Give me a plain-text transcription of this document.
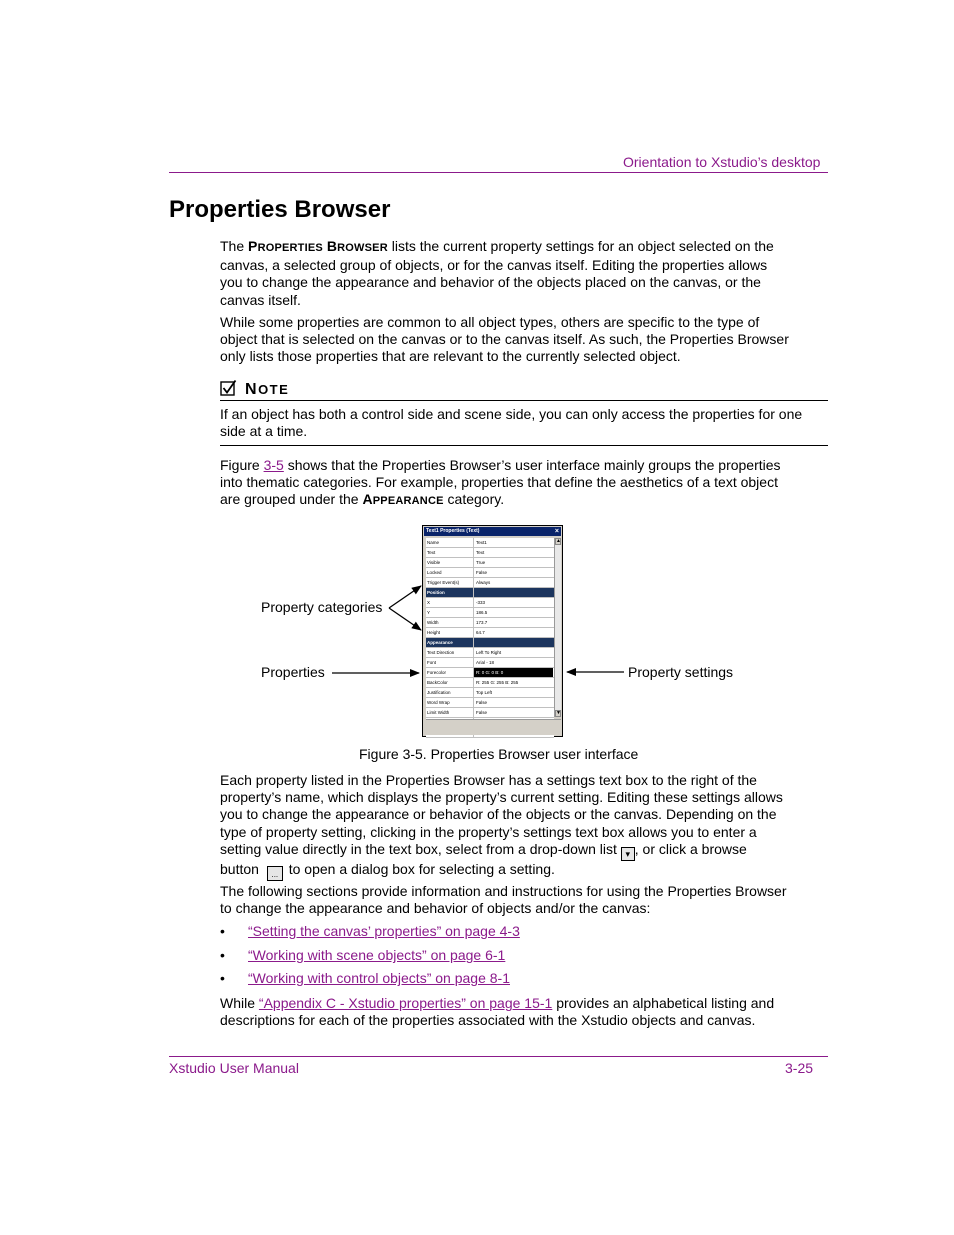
Orientation to Xstudio’s desktop
Properties Browser
The PROPERTIES BROWSER lists the current property settings for an object selected on the
canvas, a selected group of objects, or for the canvas itself. Editing the properties allows
you to change the appearance and behavior of the objects placed on the canvas, or the
canvas itself.
While some properties are common to all object types, others are specific to the type of
object that is selected on the canvas or to the canvas itself. As such, the Properties Browser
only lists those properties that are relevant to the currently selected object.
NOTE
If an object has both a control side and scene side, you can only access the properties for one
side at a time.
Figure 3-5 shows that the Properties Browser’s user interface mainly groups the properties
into thematic categories. For example, properties that define the aesthetics of a text object
are grouped under the APPEARANCE category.
Text1 Properties (Text)	×
Name	Text1
Text	Text
Visible	True
Locked	False
Trigger Event(s)	Always
Position
X	-333
Y	186.5
Width	173.7
Height	64.7
Appearance
Text Direction	Left To Right
Font	Arial - 18
Forecolor	R: 0 G: 0 B: 0
BackColor	R: 255 G: 255 B: 255
Justification	Top Left
Word Wrap	False
Limit Width	False
▲
▼
Property categories
Properties	Property settings
Figure 3-5. Properties Browser user interface
Each property listed in the Properties Browser has a settings text box to the right of the
property’s name, which displays the property’s current setting. Editing these settings allows
you to change the appearance or behavior of the objects or the canvas. Depending on the
type of property setting, clicking in the property’s settings text box allows you to enter a
setting value directly in the text box, select from a drop-down list ▾ , or click a browse
button ... to open a dialog box for selecting a setting.
The following sections provide information and instructions for using the Properties Browser
to change the appearance and behavior of objects and/or the canvas:
• “Setting the canvas’ properties” on page 4-3
• “Working with scene objects” on page 6-1
• “Working with control objects” on page 8-1
While “Appendix C - Xstudio properties” on page 15-1 provides an alphabetical listing and
descriptions for each of the properties associated with the Xstudio objects and canvas.
Xstudio User Manual	3-25
